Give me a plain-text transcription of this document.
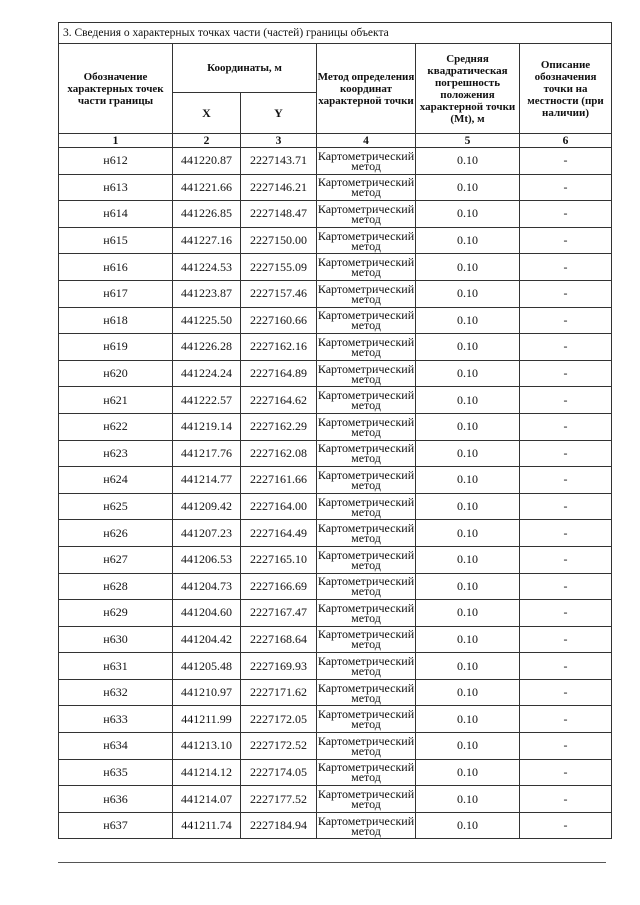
3. Сведения о характерных точках части (частей) границы объекта					
Обозначение характерных точек части границы	Координаты, м		Метод определения координат характерной точки	Средняя квадратическая погрешность положения характерной точки (Mt), м	Описание обозначения точки на местности (при наличии)
	X	Y			
1	2	3	4	5	6
н612	441220.87	2227143.71	Картометрический метод	0.10	-
н613	441221.66	2227146.21	Картометрический метод	0.10	-
н614	441226.85	2227148.47	Картометрический метод	0.10	-
н615	441227.16	2227150.00	Картометрический метод	0.10	-
н616	441224.53	2227155.09	Картометрический метод	0.10	-
н617	441223.87	2227157.46	Картометрический метод	0.10	-
н618	441225.50	2227160.66	Картометрический метод	0.10	-
н619	441226.28	2227162.16	Картометрический метод	0.10	-
н620	441224.24	2227164.89	Картометрический метод	0.10	-
н621	441222.57	2227164.62	Картометрический метод	0.10	-
н622	441219.14	2227162.29	Картометрический метод	0.10	-
н623	441217.76	2227162.08	Картометрический метод	0.10	-
н624	441214.77	2227161.66	Картометрический метод	0.10	-
н625	441209.42	2227164.00	Картометрический метод	0.10	-
н626	441207.23	2227164.49	Картометрический метод	0.10	-
н627	441206.53	2227165.10	Картометрический метод	0.10	-
н628	441204.73	2227166.69	Картометрический метод	0.10	-
н629	441204.60	2227167.47	Картометрический метод	0.10	-
н630	441204.42	2227168.64	Картометрический метод	0.10	-
н631	441205.48	2227169.93	Картометрический метод	0.10	-
н632	441210.97	2227171.62	Картометрический метод	0.10	-
н633	441211.99	2227172.05	Картометрический метод	0.10	-
н634	441213.10	2227172.52	Картометрический метод	0.10	-
н635	441214.12	2227174.05	Картометрический метод	0.10	-
н636	441214.07	2227177.52	Картометрический метод	0.10	-
н637	441211.74	2227184.94	Картометрический метод	0.10	-
